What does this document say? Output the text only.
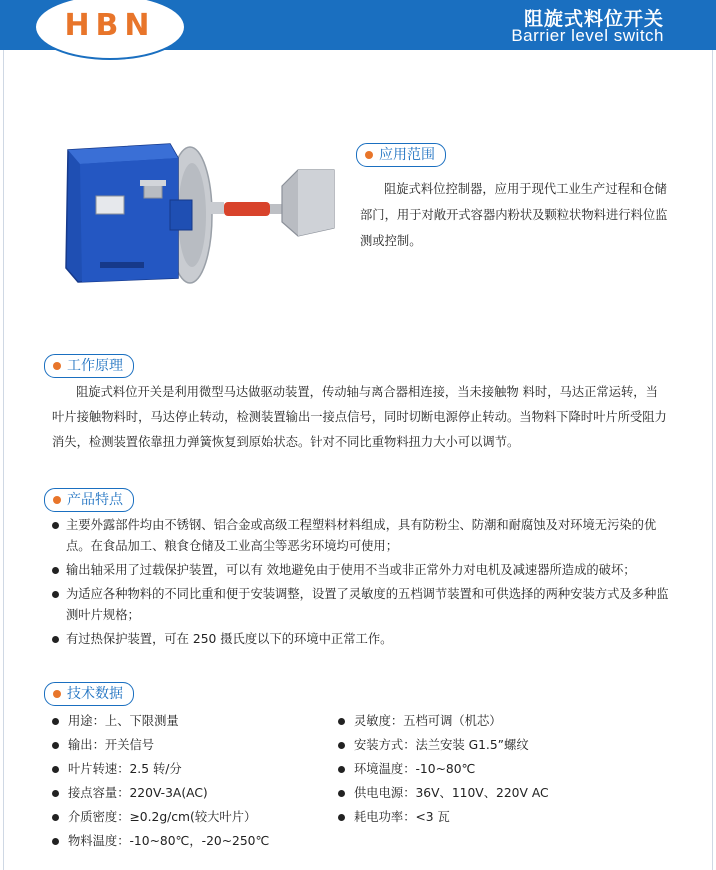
HBN	阻旋式料位开关
Barrier level switch
应用范围
阻旋式料位控制器，应用于现代工业生产过程和仓储部门，用于对敞开式容器内粉状及颗粒状物料进行料位监测或控制。
工作原理
阻旋式料位开关是利用微型马达做驱动装置，传动轴与离合器相连接，当未接触物 料时，马达正常运转，当叶片接触物料时，马达停止转动，检测装置输出一接点信号，同时切断电源停止转动。当物料下降时叶片所受阻力消失，检测装置依靠扭力弹簧恢复到原始状态。针对不同比重物料扭力大小可以调节。
产品特点
主要外露部件均由不锈钢、铝合金或高级工程塑料材料组成，具有防粉尘、防潮和耐腐蚀及对环境无污染的优点。在食品加工、粮食仓储及工业高尘等恶劣环境均可使用；
输出轴采用了过载保护装置，可以有 效地避免由于使用不当或非正常外力对电机及减速器所造成的破坏；
为适应各种物料的不同比重和便于安装调整，设置了灵敏度的五档调节装置和可供选择的两种安装方式及多种监测叶片规格；
有过热保护装置，可在 250 摄氏度以下的环境中正常工作。
技术数据
用途：上、下限测量
输出：开关信号
叶片转速：2.5 转/分
接点容量：220V-3A(AC)
介质密度：≥0.2g/cm(较大叶片）
物料温度：-10~80℃，-20~250℃
灵敏度：五档可调（机芯）
安装方式：法兰安装 G1.5”螺纹
环境温度：-10~80℃
供电电源：36V、110V、220V AC
耗电功率：<3 瓦
